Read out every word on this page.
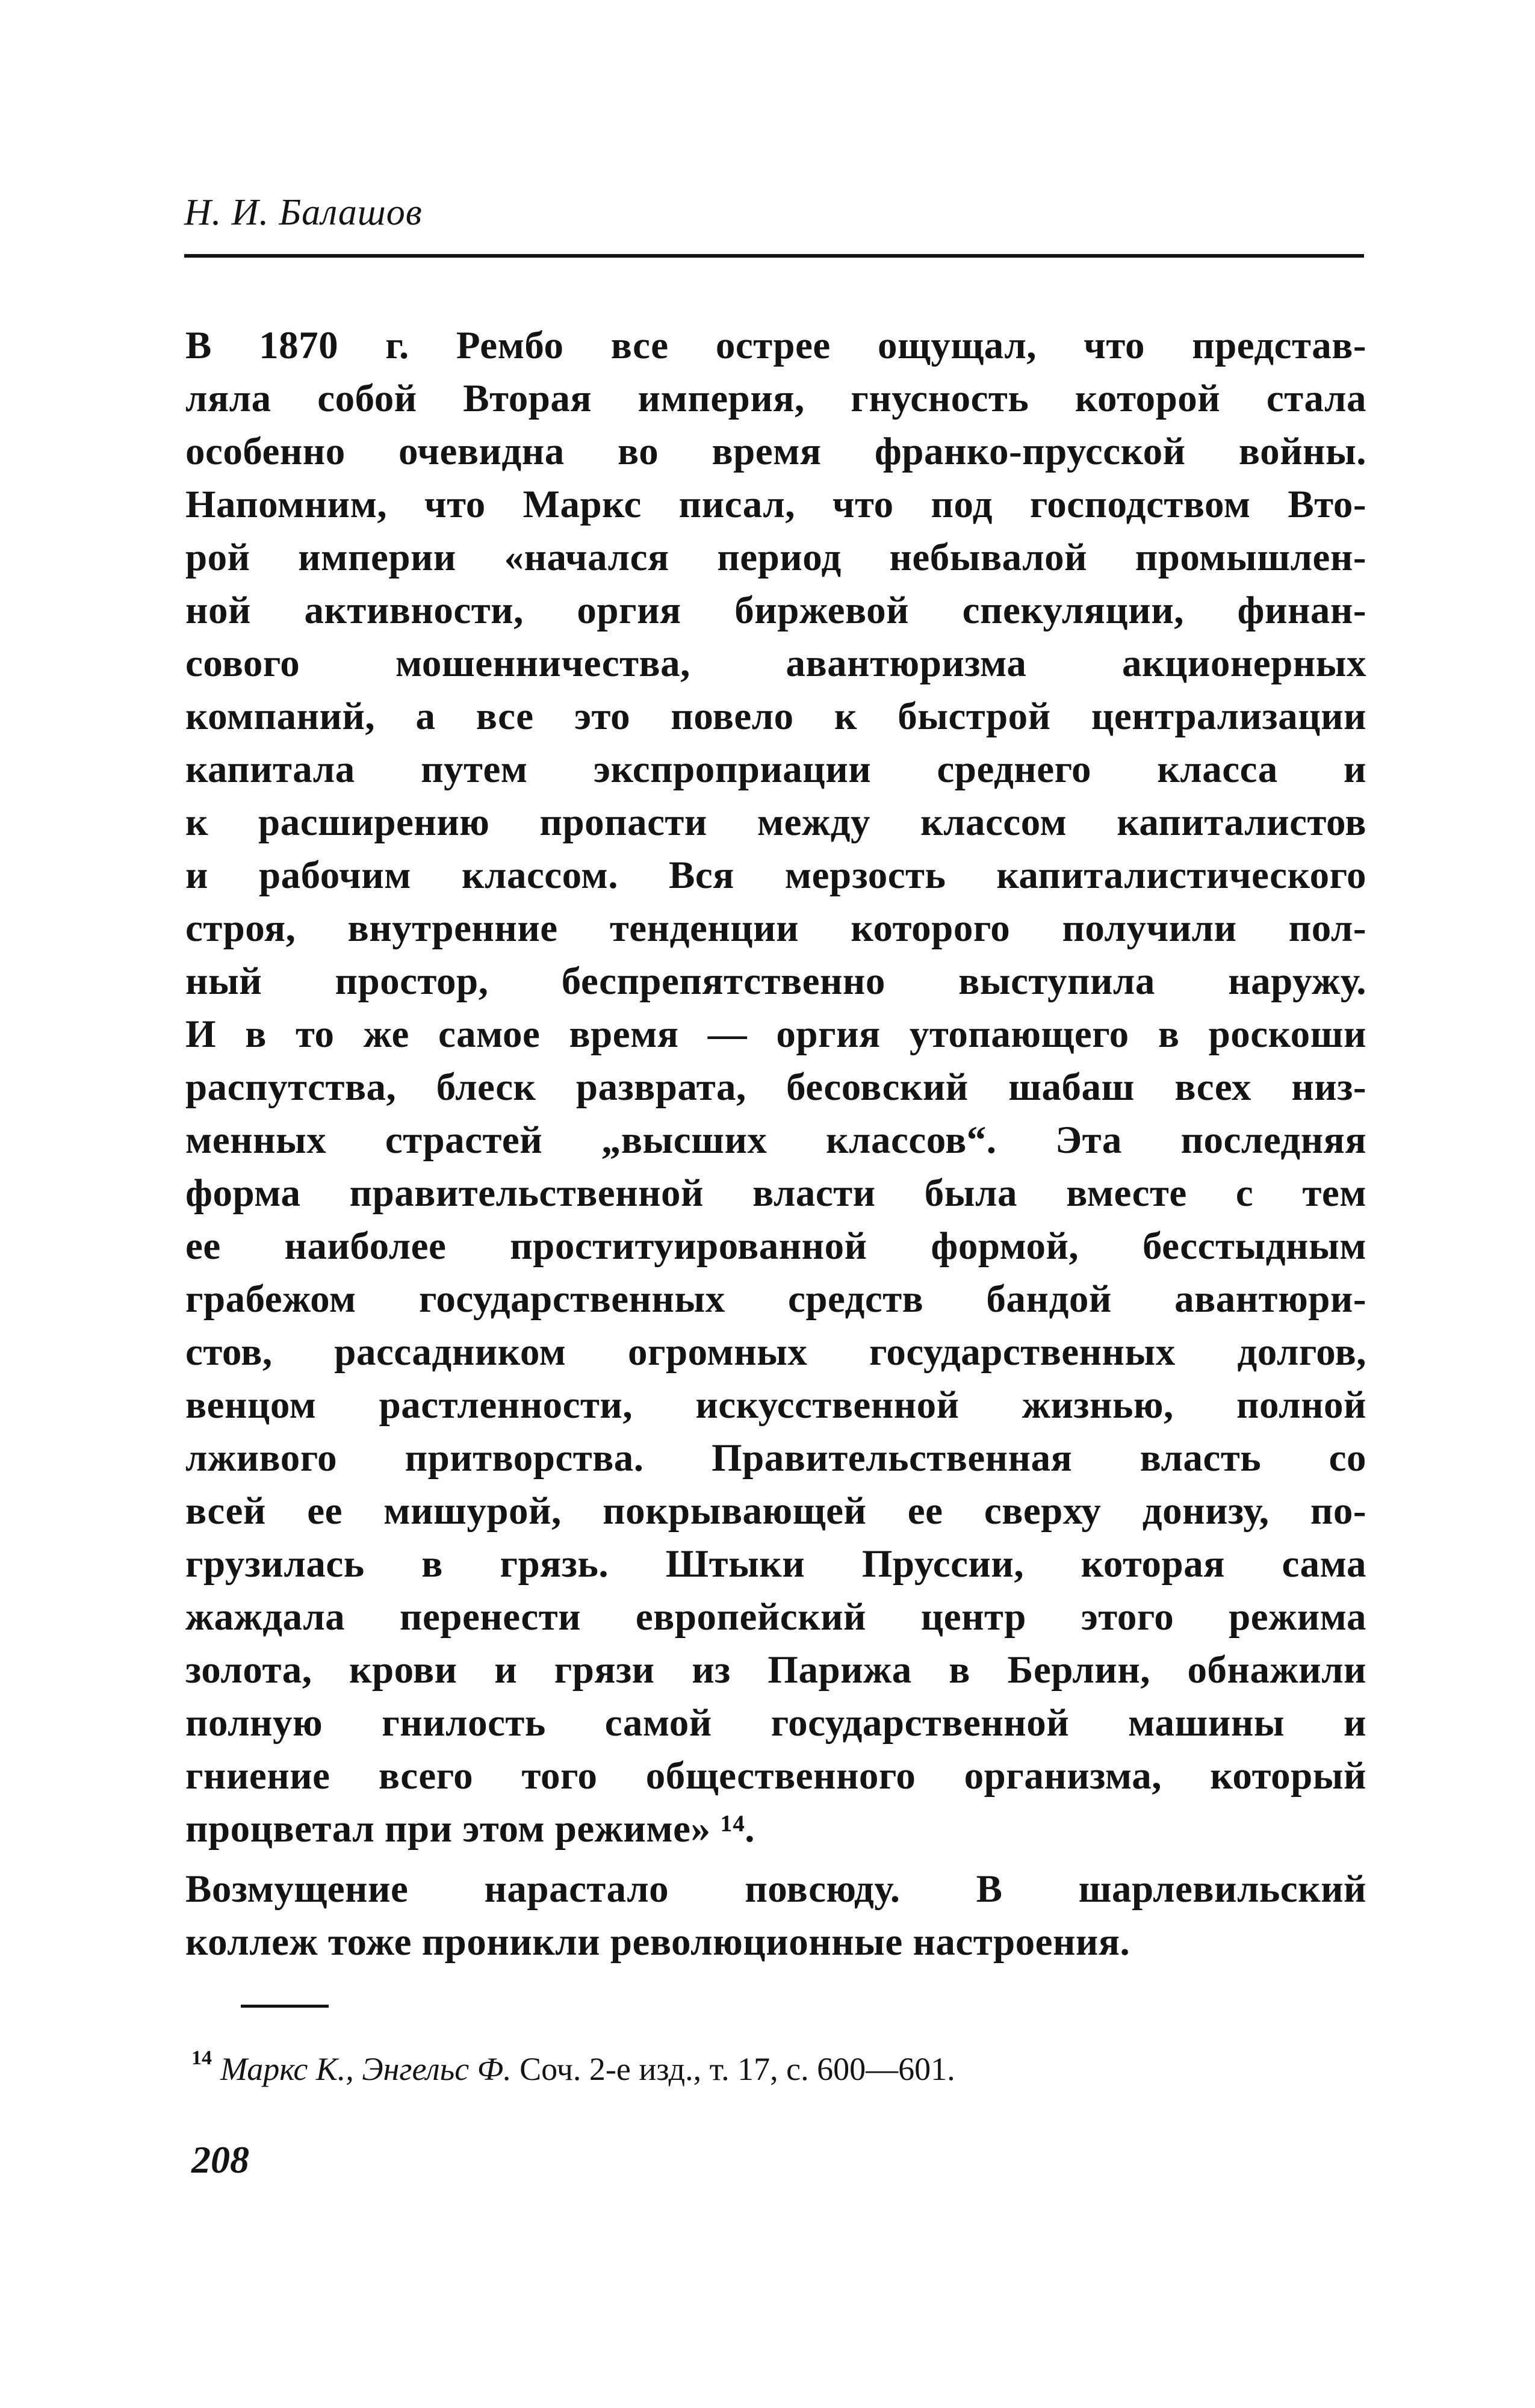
Н. И. Балашов
В 1870 г. Рембо все острее ощущал, что представ-
ляла собой Вторая империя, гнусность которой стала
особенно очевидна во время франко-прусской войны.
Напомним, что Маркс писал, что под господством Вто-
рой империи «начался период небывалой промышлен-
ной активности, оргия биржевой спекуляции, финан-
сового мошенничества, авантюризма акционерных
компаний, а все это повело к быстрой централизации
капитала путем экспроприации среднего класса и
к расширению пропасти между классом капиталистов
и рабочим классом. Вся мерзость капиталистического
строя, внутренние тенденции которого получили пол-
ный простор, беспрепятственно выступила наружу.
И в то же самое время — оргия утопающего в роскоши
распутства, блеск разврата, бесовский шабаш всех низ-
менных страстей „высших классов“. Эта последняя
форма правительственной власти была вместе с тем
ее наиболее проституированной формой, бесстыдным
грабежом государственных средств бандой авантюри-
стов, рассадником огромных государственных долгов,
венцом растленности, искусственной жизнью, полной
лживого притворства. Правительственная власть со
всей ее мишурой, покрывающей ее сверху донизу, по-
грузилась в грязь. Штыки Пруссии, которая сама
жаждала перенести европейский центр этого режима
золота, крови и грязи из Парижа в Берлин, обнажили
полную гнилость самой государственной машины и
гниение всего того общественного организма, который
процветал при этом режиме» ¹⁴.
Возмущение нарастало повсюду. В шарлевильский
коллеж тоже проникли революционные настроения.
$^{14}$ Маркс К., Энгельс Ф. Соч. 2-е изд., т. 17, с. 600—601.
208
